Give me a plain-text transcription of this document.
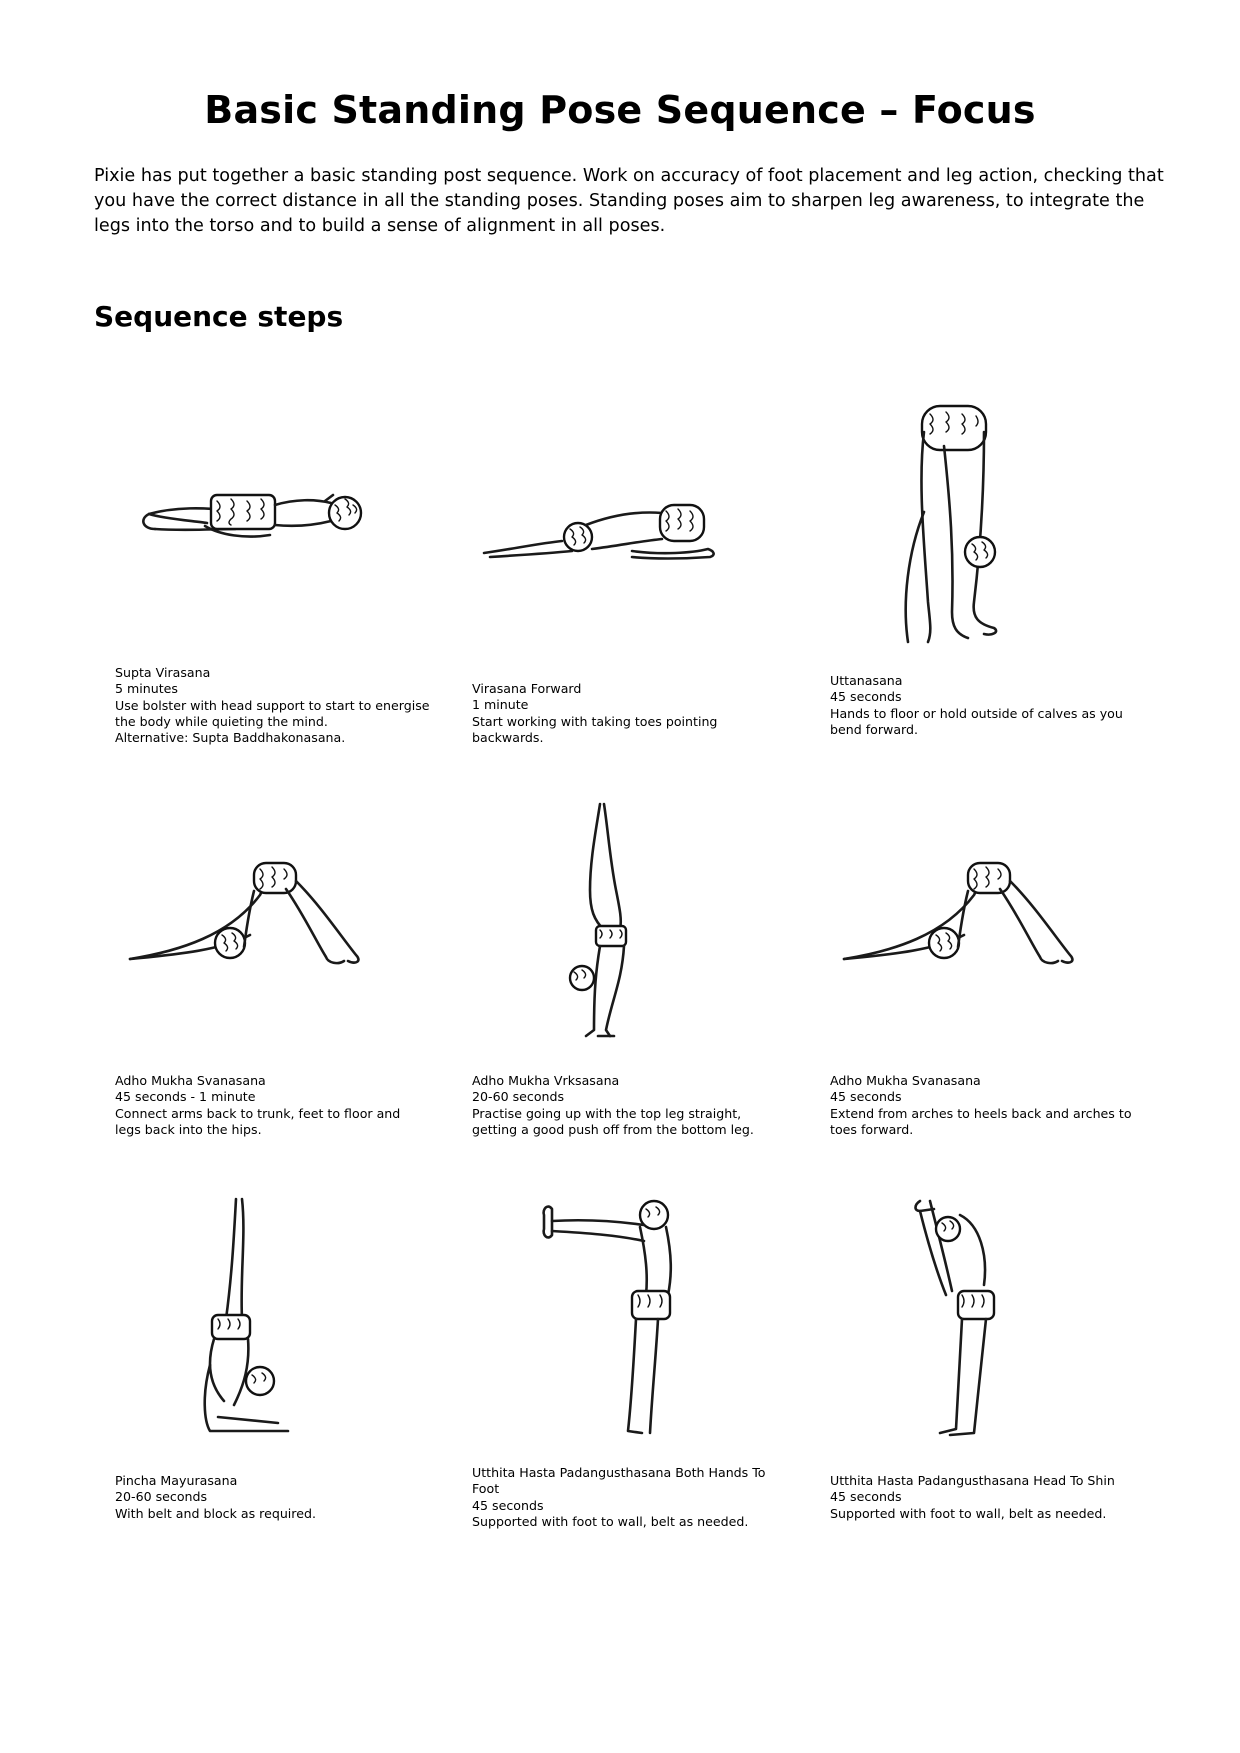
Basic Standing Pose Sequence – Focus

Pixie has put together a basic standing post sequence. Work on accuracy of foot placement and leg action, checking that you have the correct distance in all the standing poses. Standing poses aim to sharpen leg awareness, to integrate the legs into the torso and to build a sense of alignment in all poses.

Sequence steps
Supta Virasana
5 minutes
Use bolster with head support to start to energise the body while quieting the mind.
Alternative: Supta Baddhakonasana.
Virasana Forward
1 minute
Start working with taking toes pointing backwards.
Uttanasana
45 seconds
Hands to floor or hold outside of calves as you bend forward.
Adho Mukha Svanasana
45 seconds - 1 minute
Connect arms back to trunk, feet to floor and legs back into the hips.
Adho Mukha Vrksasana
20-60 seconds
Practise going up with the top leg straight, getting a good push off from the bottom leg.
Adho Mukha Svanasana
45 seconds
Extend from arches to heels back and arches to toes forward.
Pincha Mayurasana
20-60 seconds
With belt and block as required.
Utthita Hasta Padangusthasana Both Hands To Foot
45 seconds
Supported with foot to wall, belt as needed.
Utthita Hasta Padangusthasana Head To Shin
45 seconds
Supported with foot to wall, belt as needed.
